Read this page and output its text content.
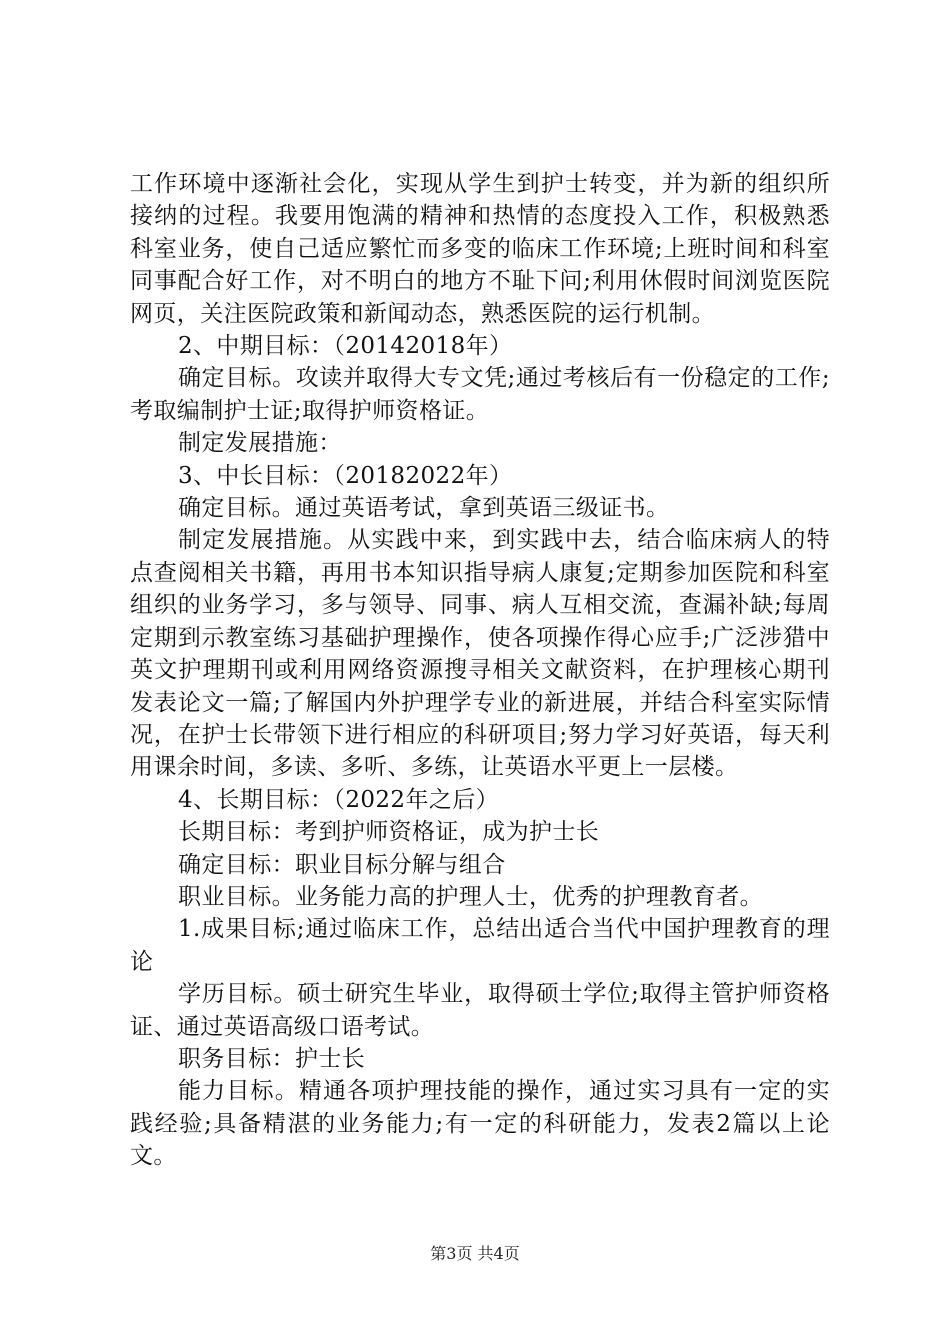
工作环境中逐渐社会化，实现从学生到护士转变，并为新的组织所接纳的过程。我要用饱满的精神和热情的态度投入工作，积极熟悉科室业务，使自己适应繁忙而多变的临床工作环境;上班时间和科室同事配合好工作，对不明白的地方不耻下问;利用休假时间浏览医院网页，关注医院政策和新闻动态，熟悉医院的运行机制。

2、中期目标：（20142018年）

确定目标。攻读并取得大专文凭;通过考核后有一份稳定的工作;考取编制护士证;取得护师资格证。

制定发展措施：

3、中长目标：（20182022年）

确定目标。通过英语考试，拿到英语三级证书。

制定发展措施。从实践中来，到实践中去，结合临床病人的特点查阅相关书籍，再用书本知识指导病人康复;定期参加医院和科室组织的业务学习，多与领导、同事、病人互相交流，查漏补缺;每周定期到示教室练习基础护理操作，使各项操作得心应手;广泛涉猎中英文护理期刊或利用网络资源搜寻相关文献资料，在护理核心期刊发表论文一篇;了解国内外护理学专业的新进展，并结合科室实际情况，在护士长带领下进行相应的科研项目;努力学习好英语，每天利用课余时间，多读、多听、多练，让英语水平更上一层楼。

4、长期目标：（2022年之后）

长期目标：考到护师资格证，成为护士长

确定目标：职业目标分解与组合

职业目标。业务能力高的护理人士，优秀的护理教育者。

1.成果目标;通过临床工作，总结出适合当代中国护理教育的理论

学历目标。硕士研究生毕业，取得硕士学位;取得主管护师资格证、通过英语高级口语考试。

职务目标：护士长

能力目标。精通各项护理技能的操作，通过实习具有一定的实践经验;具备精湛的业务能力;有一定的科研能力，发表2篇以上论文。

第3页 共4页
